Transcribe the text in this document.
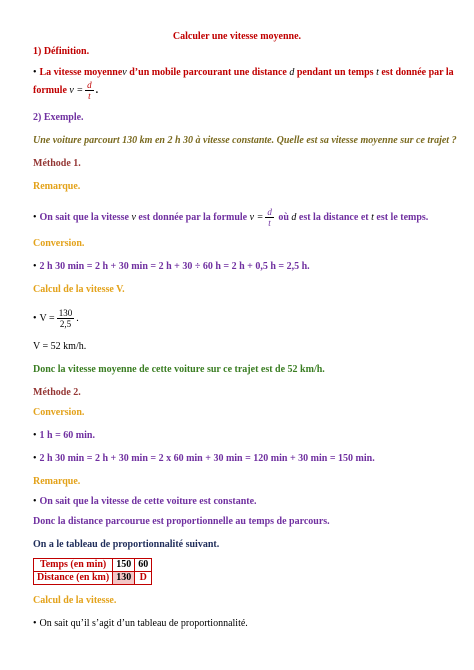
Calculer une vitesse moyenne.
1) Définition.
• La vitesse moyennev d’un mobile parcourant une distance d pendant un temps t est donnée par la
formule $v = \frac{d}{t}$ .
2) Exemple.
Une voiture parcourt 130 km en 2 h 30 à vitesse constante. Quelle est sa vitesse moyenne sur ce trajet ?
Méthode 1.
Remarque.
• On sait que la vitesse v est donnée par la formule $v = \frac{d}{t}$ où d est la distance et t est le temps.
Conversion.
• 2 h 30 min = 2 h + 30 min = 2 h + 30 ÷ 60 h = 2 h + 0,5 h = 2,5 h.
Calcul de la vitesse V.
• $V = \frac{130}{2,5}$ .
V = 52 km/h.
Donc la vitesse moyenne de cette voiture sur ce trajet est de 52 km/h.
Méthode 2.
Conversion.
• 1 h = 60 min.
• 2 h 30 min = 2 h + 30 min = 2 x 60 min + 30 min = 120 min + 30 min = 150 min.
Remarque.
• On sait que la vitesse de cette voiture est constante.
Donc la distance parcourue est proportionnelle au temps de parcours.
On a le tableau de proportionnalité suivant.
Temps (en min)	150	60
Distance (en km)	130	D
Calcul de la vitesse.
• On sait qu’il s’agit d’un tableau de proportionnalité.
